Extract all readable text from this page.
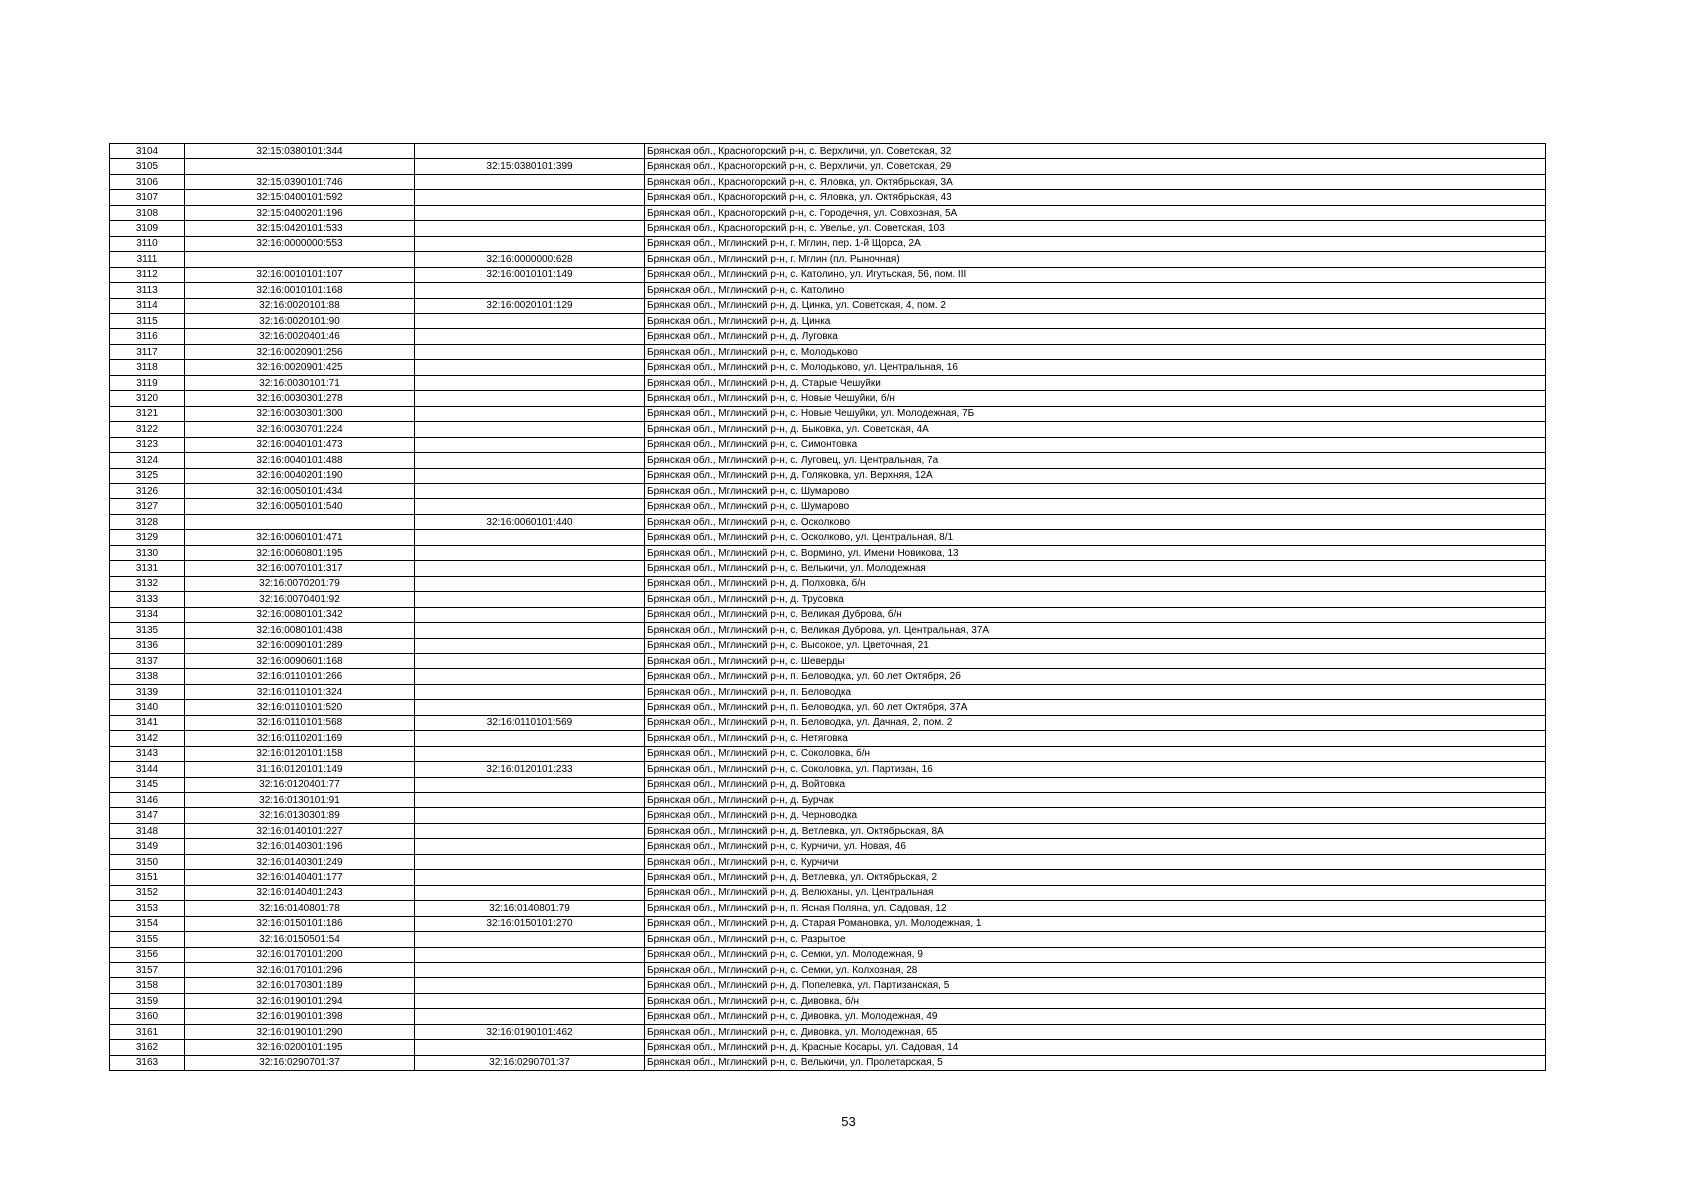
3104	32:15:0380101:344		Брянская обл., Красногорский р-н, с. Верхличи, ул. Советская, 32
3105		32:15:0380101:399	Брянская обл., Красногорский р-н, с. Верхличи, ул. Советская, 29
3106	32:15:0390101:746		Брянская обл., Красногорский р-н, с. Яловка, ул. Октябрьская, 3А
3107	32:15:0400101:592		Брянская обл., Красногорский р-н, с. Яловка, ул. Октябрьская, 43
3108	32:15:0400201:196		Брянская обл., Красногорский р-н, с. Городечня, ул. Совхозная, 5А
3109	32:15:0420101:533		Брянская обл., Красногорский р-н, с. Увелье, ул. Советская, 103
3110	32:16:0000000:553		Брянская обл., Мглинский р-н, г. Мглин, пер. 1-й Щорса, 2А
3111		32:16:0000000:628	Брянская обл., Мглинский р-н, г. Мглин (пл. Рыночная)
3112	32:16:0010101:107	32:16:0010101:149	Брянская обл., Мглинский р-н, с. Католино, ул. Игутьская, 56, пом. III
3113	32:16:0010101:168		Брянская обл., Мглинский р-н, с. Католино
3114	32:16:0020101:88	32:16:0020101:129	Брянская обл., Мглинский р-н, д. Цинка, ул. Советская, 4, пом. 2
3115	32:16:0020101:90		Брянская обл., Мглинский р-н, д. Цинка
3116	32:16:0020401:46		Брянская обл., Мглинский р-н, д. Луговка
3117	32:16:0020901:256		Брянская обл., Мглинский р-н, с. Молодьково
3118	32:16:0020901:425		Брянская обл., Мглинский р-н, с. Молодьково, ул. Центральная, 16
3119	32:16:0030101:71		Брянская обл., Мглинский р-н, д. Старые Чешуйки
3120	32:16:0030301:278		Брянская обл., Мглинский р-н, с. Новые Чешуйки, б/н
3121	32:16:0030301:300		Брянская обл., Мглинский р-н, с. Новые Чешуйки, ул. Молодежная, 7Б
3122	32:16:0030701:224		Брянская обл., Мглинский р-н, д. Быковка, ул. Советская, 4А
3123	32:16:0040101:473		Брянская обл., Мглинский р-н, с. Симонтовка
3124	32:16:0040101:488		Брянская обл., Мглинский р-н, с. Луговец, ул. Центральная, 7а
3125	32:16:0040201:190		Брянская обл., Мглинский р-н, д. Голяковка, ул. Верхняя, 12А
3126	32:16:0050101:434		Брянская обл., Мглинский р-н, с. Шумарово
3127	32:16:0050101:540		Брянская обл., Мглинский р-н, с. Шумарово
3128		32:16:0060101:440	Брянская обл., Мглинский р-н, с. Осколково
3129	32:16:0060101:471		Брянская обл., Мглинский р-н, с. Осколково, ул. Центральная, 8/1
3130	32:16:0060801:195		Брянская обл., Мглинский р-н, с. Вормино, ул. Имени Новикова, 13
3131	32:16:0070101:317		Брянская обл., Мглинский р-н, с. Велькичи, ул. Молодежная
3132	32:16:0070201:79		Брянская обл., Мглинский р-н, д. Полховка, б/н
3133	32:16:0070401:92		Брянская обл., Мглинский р-н, д. Трусовка
3134	32:16:0080101:342		Брянская обл., Мглинский р-н, с. Великая Дуброва, б/н
3135	32:16:0080101:438		Брянская обл., Мглинский р-н, с. Великая Дуброва, ул. Центральная, 37А
3136	32:16:0090101:289		Брянская обл., Мглинский р-н, с. Высокое, ул. Цветочная, 21
3137	32:16:0090601:168		Брянская обл., Мглинский р-н, с. Шеверды
3138	32:16:0110101:266		Брянская обл., Мглинский р-н, п. Беловодка, ул. 60 лет Октября, 2б
3139	32:16:0110101:324		Брянская обл., Мглинский р-н, п. Беловодка
3140	32:16:0110101:520		Брянская обл., Мглинский р-н, п. Беловодка, ул. 60 лет Октября, 37А
3141	32:16:0110101:568	32:16:0110101:569	Брянская обл., Мглинский р-н, п. Беловодка, ул. Дачная, 2, пом. 2
3142	32:16:0110201:169		Брянская обл., Мглинский р-н, с. Нетяговка
3143	32:16:0120101:158		Брянская обл., Мглинский р-н, с. Соколовка, б/н
3144	31:16:0120101:149	32:16:0120101:233	Брянская обл., Мглинский р-н, с. Соколовка, ул. Партизан, 16
3145	32:16:0120401:77		Брянская обл., Мглинский р-н, д. Войтовка
3146	32:16:0130101:91		Брянская обл., Мглинский р-н, д. Бурчак
3147	32:16:0130301:89		Брянская обл., Мглинский р-н, д. Черноводка
3148	32:16:0140101:227		Брянская обл., Мглинский р-н, д. Ветлевка, ул. Октябрьская, 8А
3149	32:16:0140301:196		Брянская обл., Мглинский р-н, с. Курчичи, ул. Новая, 46
3150	32:16:0140301:249		Брянская обл., Мглинский р-н, с. Курчичи
3151	32:16:0140401:177		Брянская обл., Мглинский р-н, д. Ветлевка, ул. Октябрьская, 2
3152	32:16:0140401:243		Брянская обл., Мглинский р-н, д. Велюханы, ул. Центральная
3153	32:16:0140801:78	32:16:0140801:79	Брянская обл., Мглинский р-н, п. Ясная Поляна, ул. Садовая, 12
3154	32:16:0150101:186	32:16:0150101:270	Брянская обл., Мглинский р-н, д. Старая Романовка, ул. Молодежная, 1
3155	32:16:0150501:54		Брянская обл., Мглинский р-н, с. Разрытое
3156	32:16:0170101:200		Брянская обл., Мглинский р-н, с. Семки, ул. Молодежная, 9
3157	32:16:0170101:296		Брянская обл., Мглинский р-н, с. Семки, ул. Колхозная, 28
3158	32:16:0170301:189		Брянская обл., Мглинский р-н, д. Попелевка, ул. Партизанская, 5
3159	32:16:0190101:294		Брянская обл., Мглинский р-н, с. Дивовка, б/н
3160	32:16:0190101:398		Брянская обл., Мглинский р-н, с. Дивовка, ул. Молодежная, 49
3161	32:16:0190101:290	32:16:0190101:462	Брянская обл., Мглинский р-н, с. Дивовка, ул. Молодежная, 65
3162	32:16:0200101:195		Брянская обл., Мглинский р-н, д. Красные Косары, ул. Садовая, 14
3163	32:16:0290701:37	32:16:0290701:37	Брянская обл., Мглинский р-н, с. Велькичи, ул. Пролетарская, 5
53
